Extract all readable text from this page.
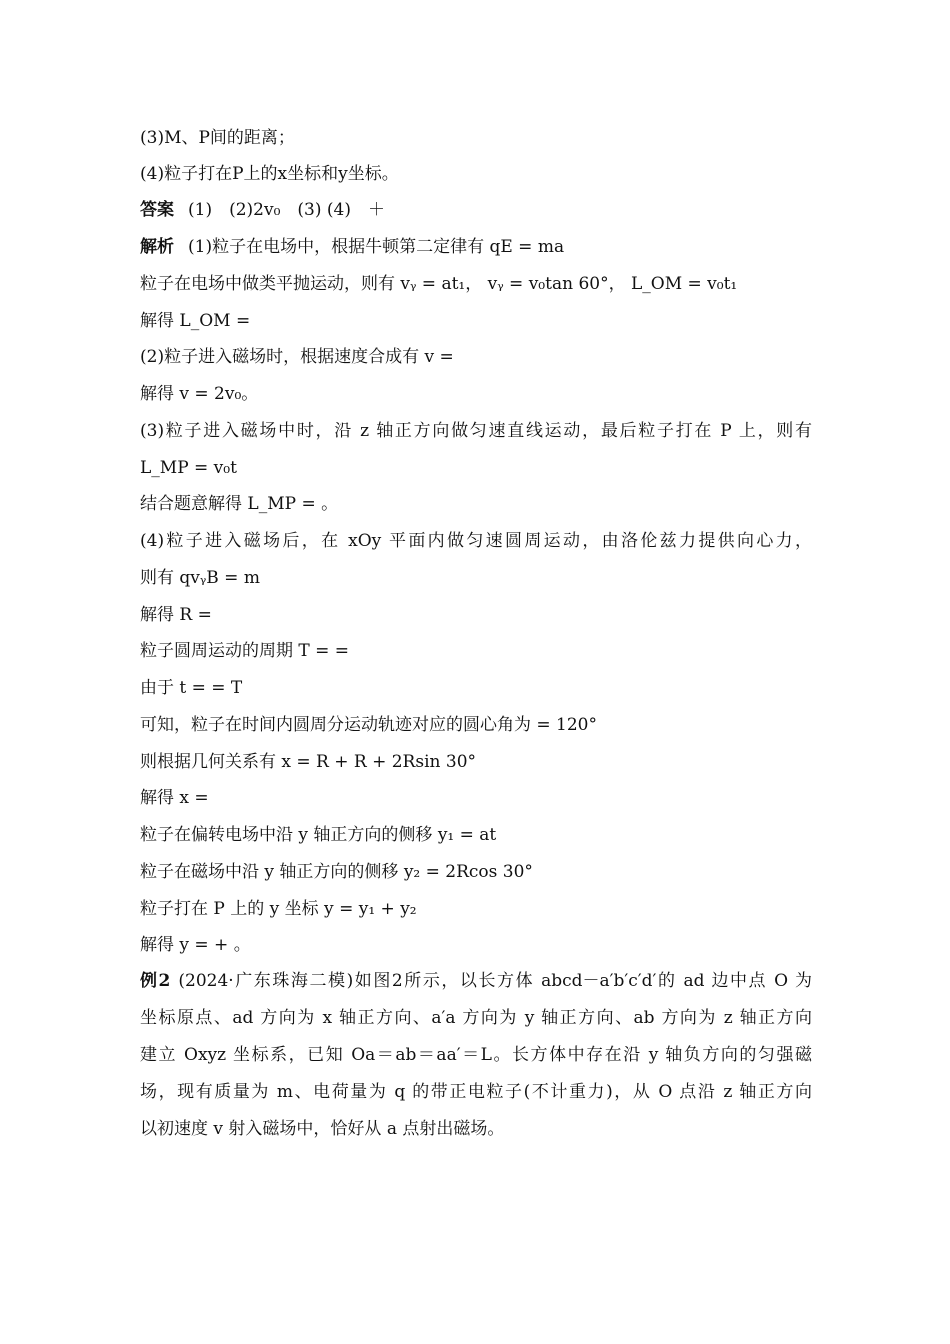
(3)M、P间的距离；
(4)粒子打在P上的x坐标和y坐标。
答案 (1)　(2)2v₀　(3) (4)　＋
解析 (1)粒子在电场中，根据牛顿第二定律有 qE = ma
粒子在电场中做类平抛运动，则有 vᵧ = at₁， vᵧ = v₀tan 60°， L_OM = v₀t₁
解得 L_OM =
(2)粒子进入磁场时，根据速度合成有 v =
解得 v = 2v₀。
(3)粒子进入磁场中时，沿 z 轴正方向做匀速直线运动，最后粒子打在 P 上，则有
L_MP = v₀t
结合题意解得 L_MP = 。
(4)粒子进入磁场后，在 xOy 平面内做匀速圆周运动，由洛伦兹力提供向心力，
则有 qvᵧB = m
解得 R =
粒子圆周运动的周期 T = =
由于 t = = T
可知，粒子在时间内圆周分运动轨迹对应的圆心角为 = 120°
则根据几何关系有 x = R + R + 2Rsin 30°
解得 x =
粒子在偏转电场中沿 y 轴正方向的侧移 y₁ = at
粒子在磁场中沿 y 轴正方向的侧移 y₂ = 2Rcos 30°
粒子打在 P 上的 y 坐标 y = y₁ + y₂
解得 y = + 。
例2 (2024·广东珠海二模)如图2所示，以长方体 abcd－a′b′c′d′的 ad 边中点 O 为
坐标原点、ad 方向为 x 轴正方向、a′a 方向为 y 轴正方向、ab 方向为 z 轴正方向
建立 Oxyz 坐标系，已知 Oa＝ab＝aa′＝L。长方体中存在沿 y 轴负方向的匀强磁
场，现有质量为 m、电荷量为 q 的带正电粒子(不计重力)，从 O 点沿 z 轴正方向
以初速度 v 射入磁场中，恰好从 a 点射出磁场。
